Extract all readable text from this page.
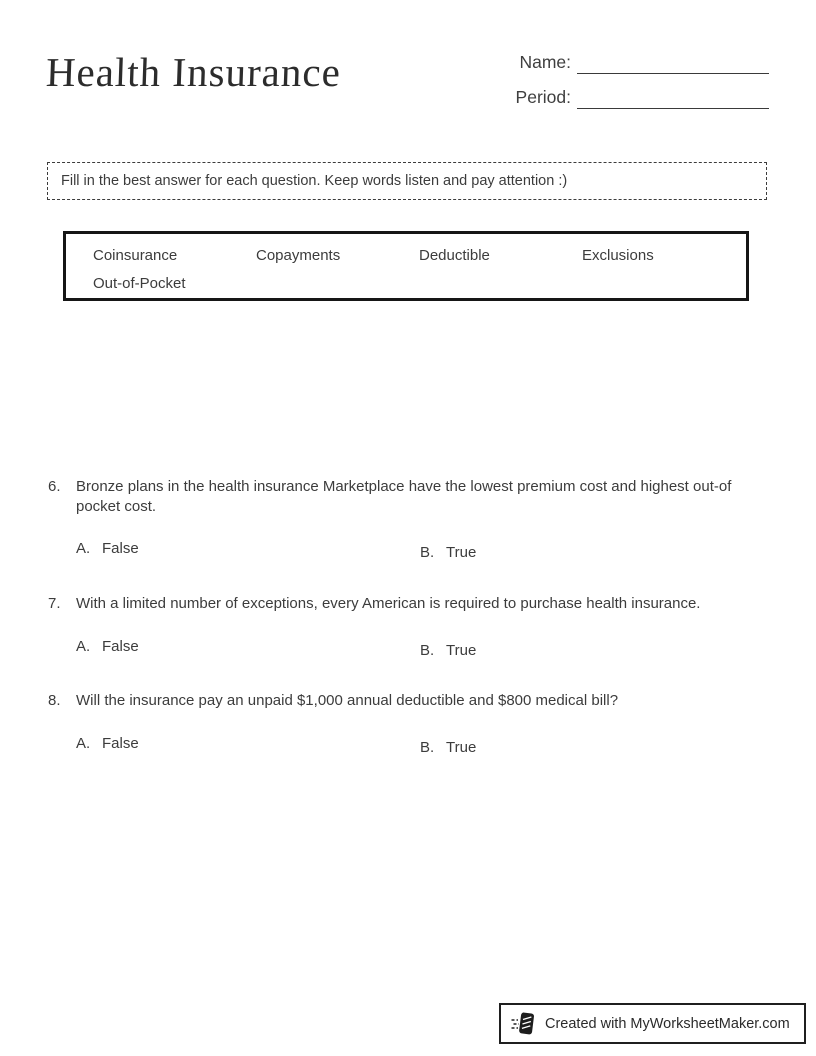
Health Insurance	Name:
Period:
Fill in the best answer for each question. Keep words listen and pay attention :)
Coinsurance	Copayments	Deductible	Exclusions
Out-of-Pocket
6.	Bronze plans in the health insurance Marketplace have the lowest premium cost and highest out-of pocket cost.
A. False	B. True
7.	With a limited number of exceptions, every American is required to purchase health insurance.
A. False	B. True
8.	Will the insurance pay an unpaid $1,000 annual deductible and $800 medical bill?
A. False	B. True
Created with MyWorksheetMaker.com
